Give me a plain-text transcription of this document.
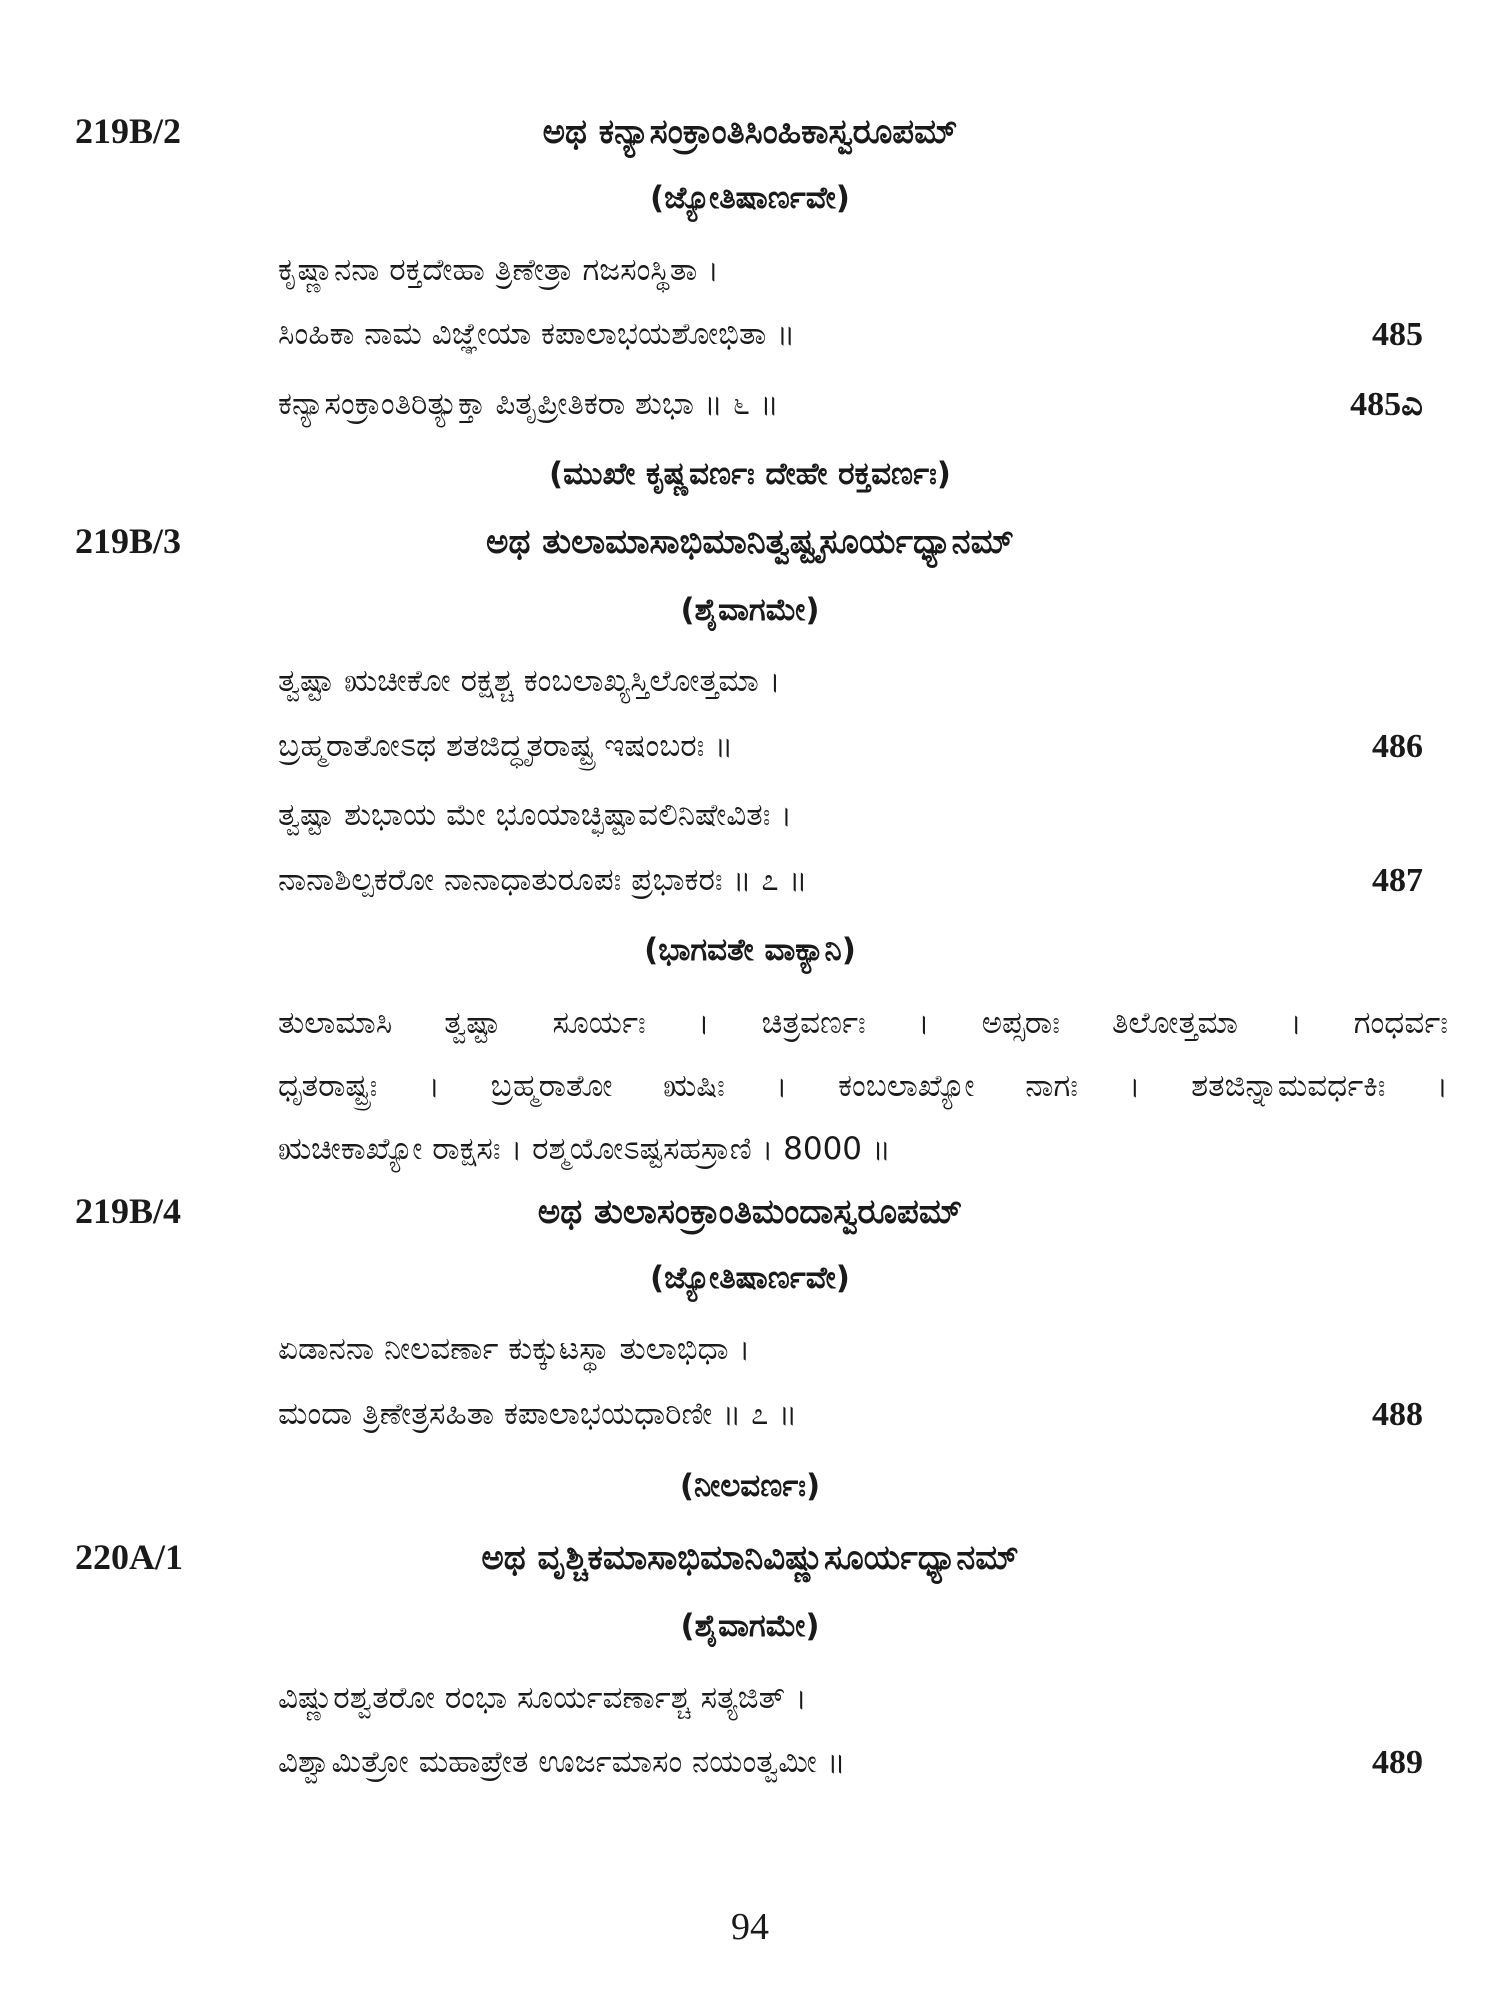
219B/2	ಅಥ ಕನ್ಯಾಸಂಕ್ರಾಂತಿಸಿಂಹಿಕಾಸ್ವರೂಪಮ್
(ಜ್ಯೋತಿಷಾರ್ಣವೇ)
ಕೃಷ್ಣಾನನಾ ರಕ್ತದೇಹಾ ತ್ರಿಣೇತ್ರಾ ಗಜಸಂಸ್ಥಿತಾ ।
ಸಿಂಹಿಕಾ ನಾಮ ವಿಜ್ಞೇಯಾ ಕಪಾಲಾಭಯಶೋಭಿತಾ ॥	485
ಕನ್ಯಾಸಂಕ್ರಾಂತಿರಿತ್ಯುಕ್ತಾ ಪಿತೃಪ್ರೀತಿಕರಾ ಶುಭಾ ॥ ೬ ॥	485ಎ
(ಮುಖೇ ಕೃಷ್ಣವರ್ಣಃ ದೇಹೇ ರಕ್ತವರ್ಣಃ)
219B/3	ಅಥ ತುಲಾಮಾಸಾಭಿಮಾನಿತ್ವಷ್ಟೃಸೂರ್ಯಧ್ಯಾನಮ್
(ಶೈವಾಗಮೇ)
ತ್ವಷ್ಟಾ ಋಚೀಕೋ ರಕ್ಷಶ್ಚ ಕಂಬಲಾಖ್ಯಸ್ತಿಲೋತ್ತಮಾ ।
ಬ್ರಹ್ಮರಾತೋಽಥ ಶತಜಿದ್ಧೃತರಾಷ್ಟ್ರ ಇಷಂಬರಃ ॥	486
ತ್ವಷ್ಟಾ ಶುಭಾಯ ಮೇ ಭೂಯಾಚ್ಛಿಷ್ಟಾವಲಿನಿಷೇವಿತಃ ।
ನಾನಾಶಿಲ್ಪಕರೋ ನಾನಾಧಾತುರೂಪಃ ಪ್ರಭಾಕರಃ ॥ ೭ ॥	487
(ಭಾಗವತೇ ವಾಕ್ಯಾನಿ)
ತುಲಾಮಾಸಿ ತ್ವಷ್ಟಾ ಸೂರ್ಯಃ । ಚಿತ್ರವರ್ಣಃ । ಅಪ್ಸರಾಃ ತಿಲೋತ್ತಮಾ । ಗಂಧರ್ವಃ
ಧೃತರಾಷ್ಟ್ರಃ । ಬ್ರಹ್ಮರಾತೋ ಋಷಿಃ । ಕಂಬಲಾಖ್ಯೋ ನಾಗಃ । ಶತಜಿನ್ನಾಮವರ್ಧಕಿಃ ।
ಋಚೀಕಾಖ್ಯೋ ರಾಕ್ಷಸಃ । ರಶ್ಮಯೋಽಷ್ಟಸಹಸ್ರಾಣಿ । 8000 ॥
219B/4	ಅಥ ತುಲಾಸಂಕ್ರಾಂತಿಮಂದಾಸ್ವರೂಪಮ್
(ಜ್ಯೋತಿಷಾರ್ಣವೇ)
ಏಡಾನನಾ ನೀಲವರ್ಣಾ ಕುಕ್ಕುಟಸ್ಥಾ ತುಲಾಭಿಧಾ ।
ಮಂದಾ ತ್ರಿಣೇತ್ರಸಹಿತಾ ಕಪಾಲಾಭಯಧಾರಿಣೀ ॥ ೭ ॥	488
(ನೀಲವರ್ಣಃ)
220A/1	ಅಥ ವೃಶ್ಚಿಕಮಾಸಾಭಿಮಾನಿವಿಷ್ಣುಸೂರ್ಯಧ್ಯಾನಮ್
(ಶೈವಾಗಮೇ)
ವಿಷ್ಣುರಶ್ವತರೋ ರಂಭಾ ಸೂರ್ಯವರ್ಣಾಶ್ಚ ಸತ್ಯಜಿತ್ ।
ವಿಶ್ವಾಮಿತ್ರೋ ಮಹಾಪ್ರೇತ ಊರ್ಜಮಾಸಂ ನಯಂತ್ವಮೀ ॥	489
94
